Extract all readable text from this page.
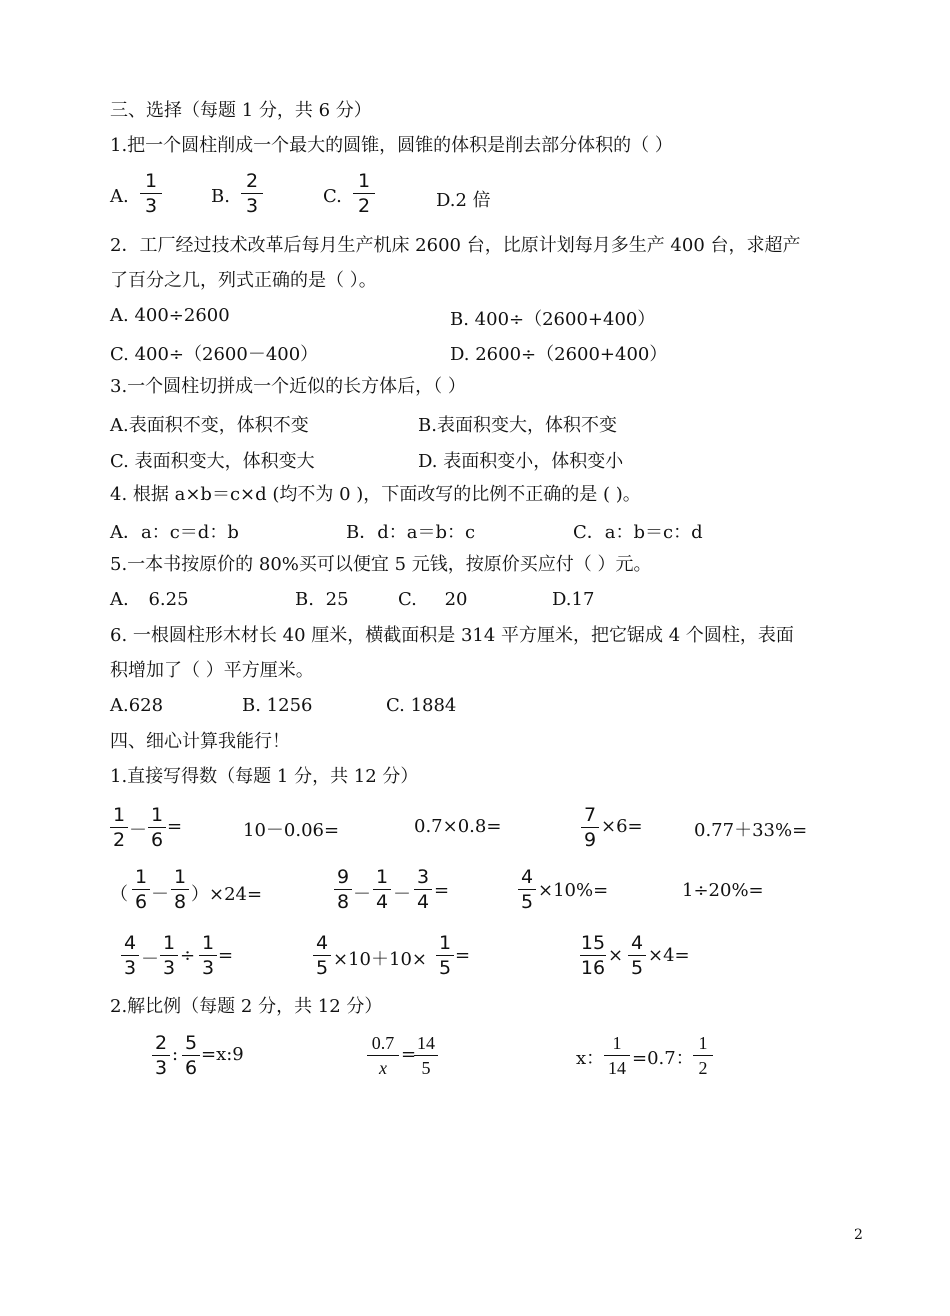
三、选择（每题 1 分，共 6 分）
1.把一个圆柱削成一个最大的圆锥，圆锥的体积是削去部分体积的（ ）
A.
1
3	B.
2
3	C.
1
2	D.2 倍
2．工厂经过技术改革后每月生产机床 2600 台，比原计划每月多生产 400 台，求超产
了百分之几，列式正确的是（ ）。
A. 400÷2600	B. 400÷（2600+400）
C. 400÷（2600－400）	D. 2600÷（2600+400）
3.一个圆柱切拼成一个近似的长方体后，（ ）
A.表面积不变，体积不变	B.表面积变大，体积不变
C. 表面积变大，体积变大	D. 表面积变小，体积变小
4. 根据 a×b＝c×d (均不为 0 )，下面改写的比例不正确的是 ( )。
A．a：c＝d：b	B．d：a＝b：c	C．a：b＝c：d
5.一本书按原价的 80%买可以便宜 5 元钱，按原价买应付（ ）元。
A. 6.25	B. 25	C. 20	D.17
6. 一根圆柱形木材长 40 厘米，横截面积是 314 平方厘米，把它锯成 4 个圆柱，表面
积增加了（ ）平方厘米。
A.628	B. 1256	C. 1884
四、细心计算我能行！
1.直接写得数（每题 1 分，共 12 分）
1
2 －
1
6
=	10－0.06=	0.7×0.8=
7
9
×6=	0.77＋33%=
（
1
6 －
1
8 ）×24=
9
8 －
1
4 －
3
4
=
4
5
×10%=	1÷20%=
4
3 －
1
3
÷
1
3
=
4
5 ×10＋10×
1
5
=
15
16
×
4
5
×4=
2.解比例（每题 2 分，共 12 分）
2
3
:
5
6
=x:9
0.7
x
=
14
5	x：
1
14 =0.7：
1
2
2
